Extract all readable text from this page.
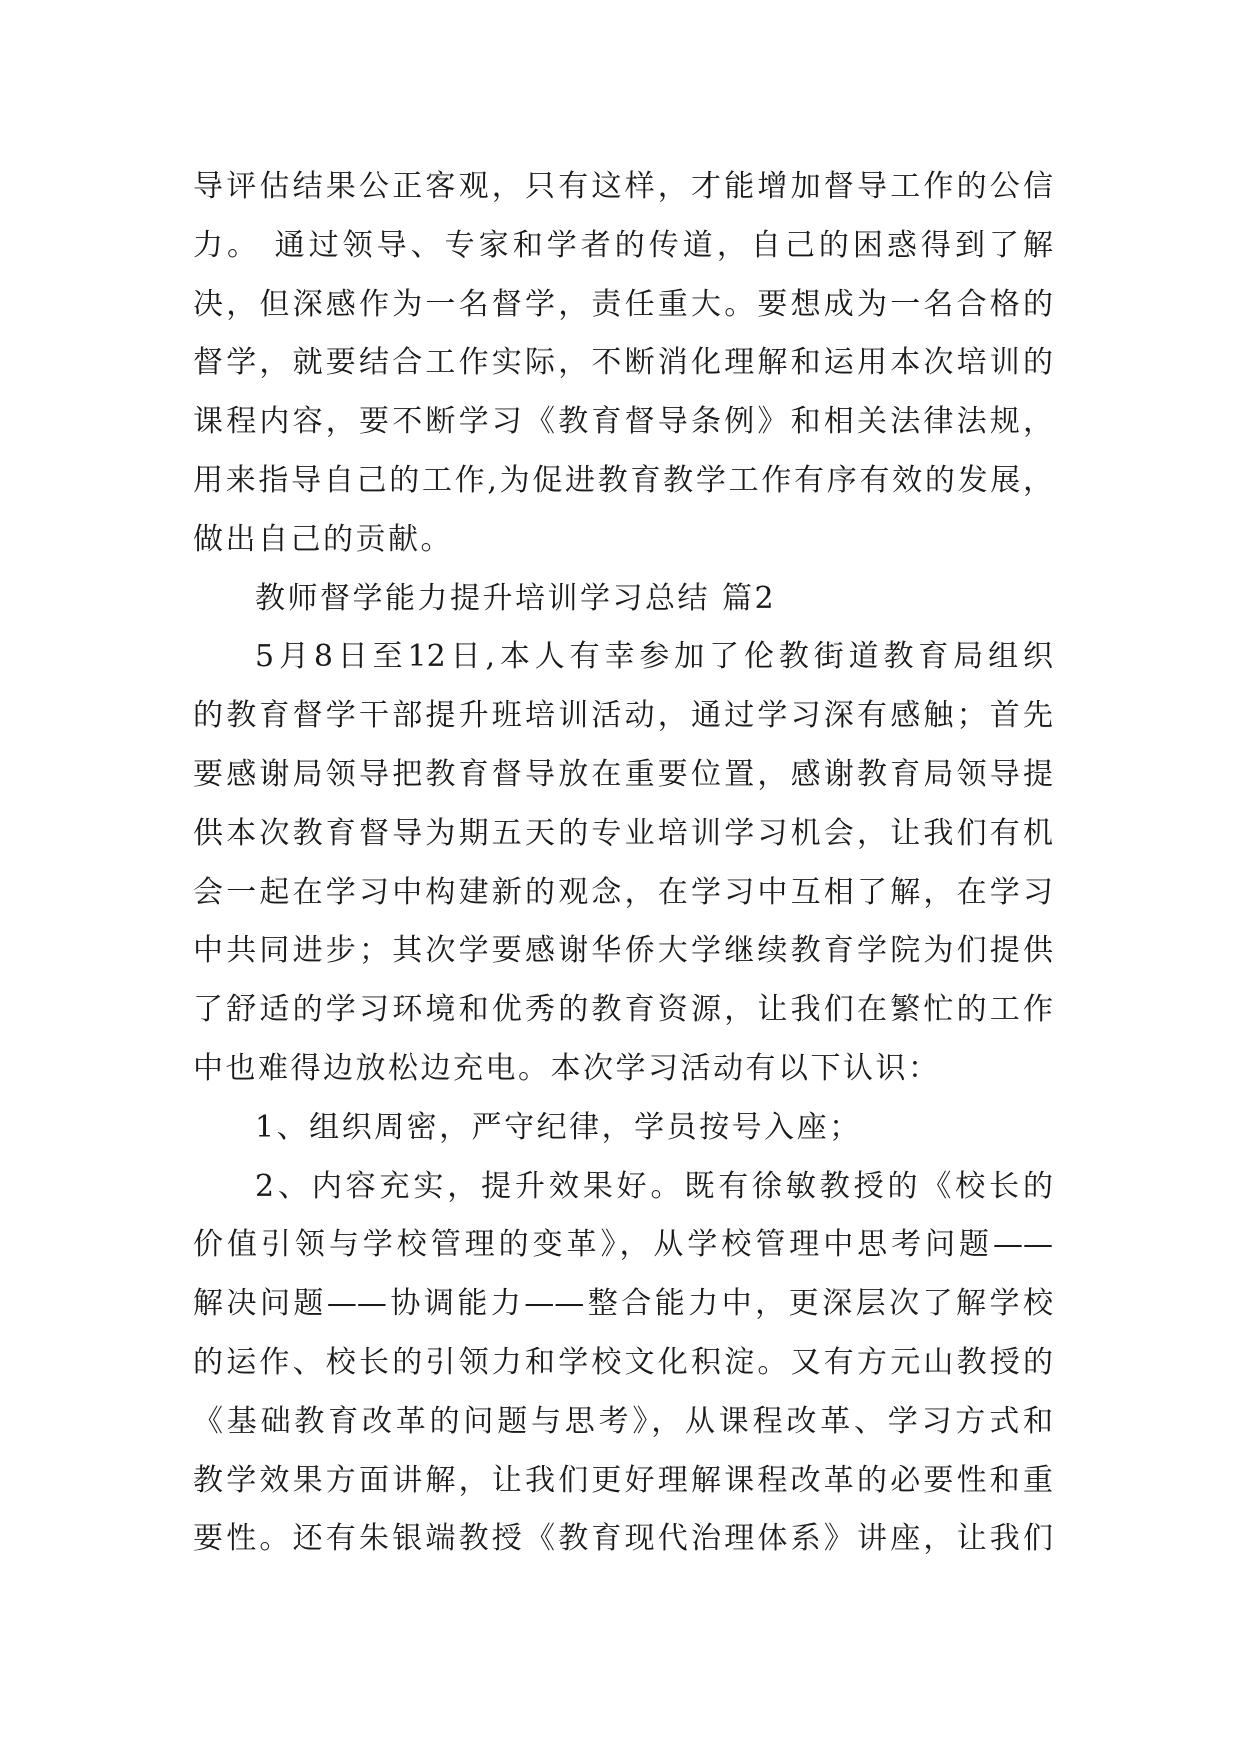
导评估结果公正客观，只有这样，才能增加督导工作的公信
力。 通过领导、专家和学者的传道，自己的困惑得到了解
决，但深感作为一名督学，责任重大。要想成为一名合格的
督学，就要结合工作实际，不断消化理解和运用本次培训的
课程内容，要不断学习《教育督导条例》和相关法律法规，
用来指导自己的工作,为促进教育教学工作有序有效的发展，
做出自己的贡献。
教师督学能力提升培训学习总结 篇2
5月8日至12日,本人有幸参加了伦教街道教育局组织
的教育督学干部提升班培训活动，通过学习深有感触；首先
要感谢局领导把教育督导放在重要位置，感谢教育局领导提
供本次教育督导为期五天的专业培训学习机会，让我们有机
会一起在学习中构建新的观念，在学习中互相了解，在学习
中共同进步；其次学要感谢华侨大学继续教育学院为们提供
了舒适的学习环境和优秀的教育资源，让我们在繁忙的工作
中也难得边放松边充电。本次学习活动有以下认识：
1、组织周密，严守纪律，学员按号入座；
2、内容充实，提升效果好。既有徐敏教授的《校长的
价值引领与学校管理的变革》，从学校管理中思考问题——
解决问题——协调能力——整合能力中，更深层次了解学校
的运作、校长的引领力和学校文化积淀。又有方元山教授的
《基础教育改革的问题与思考》，从课程改革、学习方式和
教学效果方面讲解，让我们更好理解课程改革的必要性和重
要性。还有朱银端教授《教育现代治理体系》讲座，让我们
